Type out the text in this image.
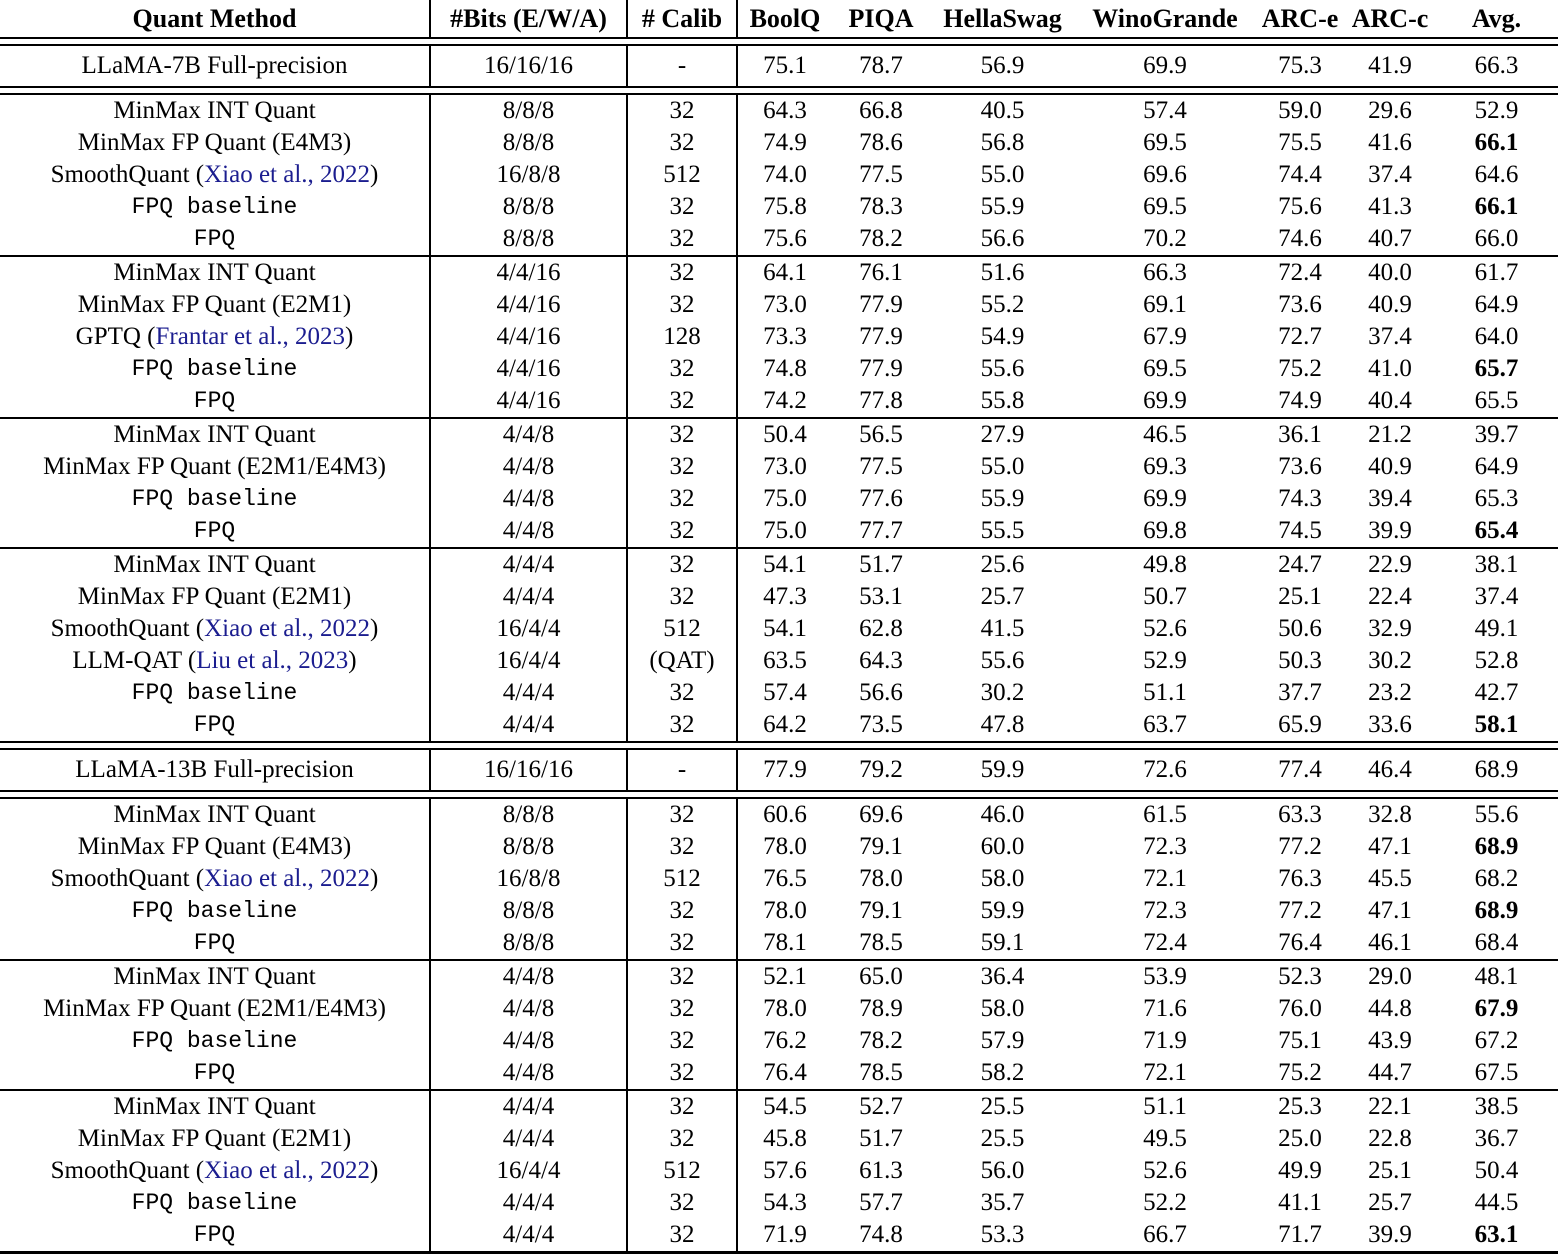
Quant Method	#Bits (E/W/A)	# Calib	BoolQ	PIQA	HellaSwag	WinoGrande	ARC-e	ARC-c	Avg.

LLaMA-7B Full-precision	16/16/16	-	75.1	78.7	56.9	69.9	75.3	41.9	66.3

MinMax INT Quant	8/8/8	32	64.3	66.8	40.5	57.4	59.0	29.6	52.9
MinMax FP Quant (E4M3)	8/8/8	32	74.9	78.6	56.8	69.5	75.5	41.6	66.1
SmoothQuant (Xiao et al., 2022)	16/8/8	512	74.0	77.5	55.0	69.6	74.4	37.4	64.6
FPQ baseline	8/8/8	32	75.8	78.3	55.9	69.5	75.6	41.3	66.1
FPQ	8/8/8	32	75.6	78.2	56.6	70.2	74.6	40.7	66.0
MinMax INT Quant	4/4/16	32	64.1	76.1	51.6	66.3	72.4	40.0	61.7
MinMax FP Quant (E2M1)	4/4/16	32	73.0	77.9	55.2	69.1	73.6	40.9	64.9
GPTQ (Frantar et al., 2023)	4/4/16	128	73.3	77.9	54.9	67.9	72.7	37.4	64.0
FPQ baseline	4/4/16	32	74.8	77.9	55.6	69.5	75.2	41.0	65.7
FPQ	4/4/16	32	74.2	77.8	55.8	69.9	74.9	40.4	65.5
MinMax INT Quant	4/4/8	32	50.4	56.5	27.9	46.5	36.1	21.2	39.7
MinMax FP Quant (E2M1/E4M3)	4/4/8	32	73.0	77.5	55.0	69.3	73.6	40.9	64.9
FPQ baseline	4/4/8	32	75.0	77.6	55.9	69.9	74.3	39.4	65.3
FPQ	4/4/8	32	75.0	77.7	55.5	69.8	74.5	39.9	65.4
MinMax INT Quant	4/4/4	32	54.1	51.7	25.6	49.8	24.7	22.9	38.1
MinMax FP Quant (E2M1)	4/4/4	32	47.3	53.1	25.7	50.7	25.1	22.4	37.4
SmoothQuant (Xiao et al., 2022)	16/4/4	512	54.1	62.8	41.5	52.6	50.6	32.9	49.1
LLM-QAT (Liu et al., 2023)	16/4/4	(QAT)	63.5	64.3	55.6	52.9	50.3	30.2	52.8
FPQ baseline	4/4/4	32	57.4	56.6	30.2	51.1	37.7	23.2	42.7
FPQ	4/4/4	32	64.2	73.5	47.8	63.7	65.9	33.6	58.1

LLaMA-13B Full-precision	16/16/16	-	77.9	79.2	59.9	72.6	77.4	46.4	68.9

MinMax INT Quant	8/8/8	32	60.6	69.6	46.0	61.5	63.3	32.8	55.6
MinMax FP Quant (E4M3)	8/8/8	32	78.0	79.1	60.0	72.3	77.2	47.1	68.9
SmoothQuant (Xiao et al., 2022)	16/8/8	512	76.5	78.0	58.0	72.1	76.3	45.5	68.2
FPQ baseline	8/8/8	32	78.0	79.1	59.9	72.3	77.2	47.1	68.9
FPQ	8/8/8	32	78.1	78.5	59.1	72.4	76.4	46.1	68.4
MinMax INT Quant	4/4/8	32	52.1	65.0	36.4	53.9	52.3	29.0	48.1
MinMax FP Quant (E2M1/E4M3)	4/4/8	32	78.0	78.9	58.0	71.6	76.0	44.8	67.9
FPQ baseline	4/4/8	32	76.2	78.2	57.9	71.9	75.1	43.9	67.2
FPQ	4/4/8	32	76.4	78.5	58.2	72.1	75.2	44.7	67.5
MinMax INT Quant	4/4/4	32	54.5	52.7	25.5	51.1	25.3	22.1	38.5
MinMax FP Quant (E2M1)	4/4/4	32	45.8	51.7	25.5	49.5	25.0	22.8	36.7
SmoothQuant (Xiao et al., 2022)	16/4/4	512	57.6	61.3	56.0	52.6	49.9	25.1	50.4
FPQ baseline	4/4/4	32	54.3	57.7	35.7	52.2	41.1	25.7	44.5
FPQ	4/4/4	32	71.9	74.8	53.3	66.7	71.7	39.9	63.1
